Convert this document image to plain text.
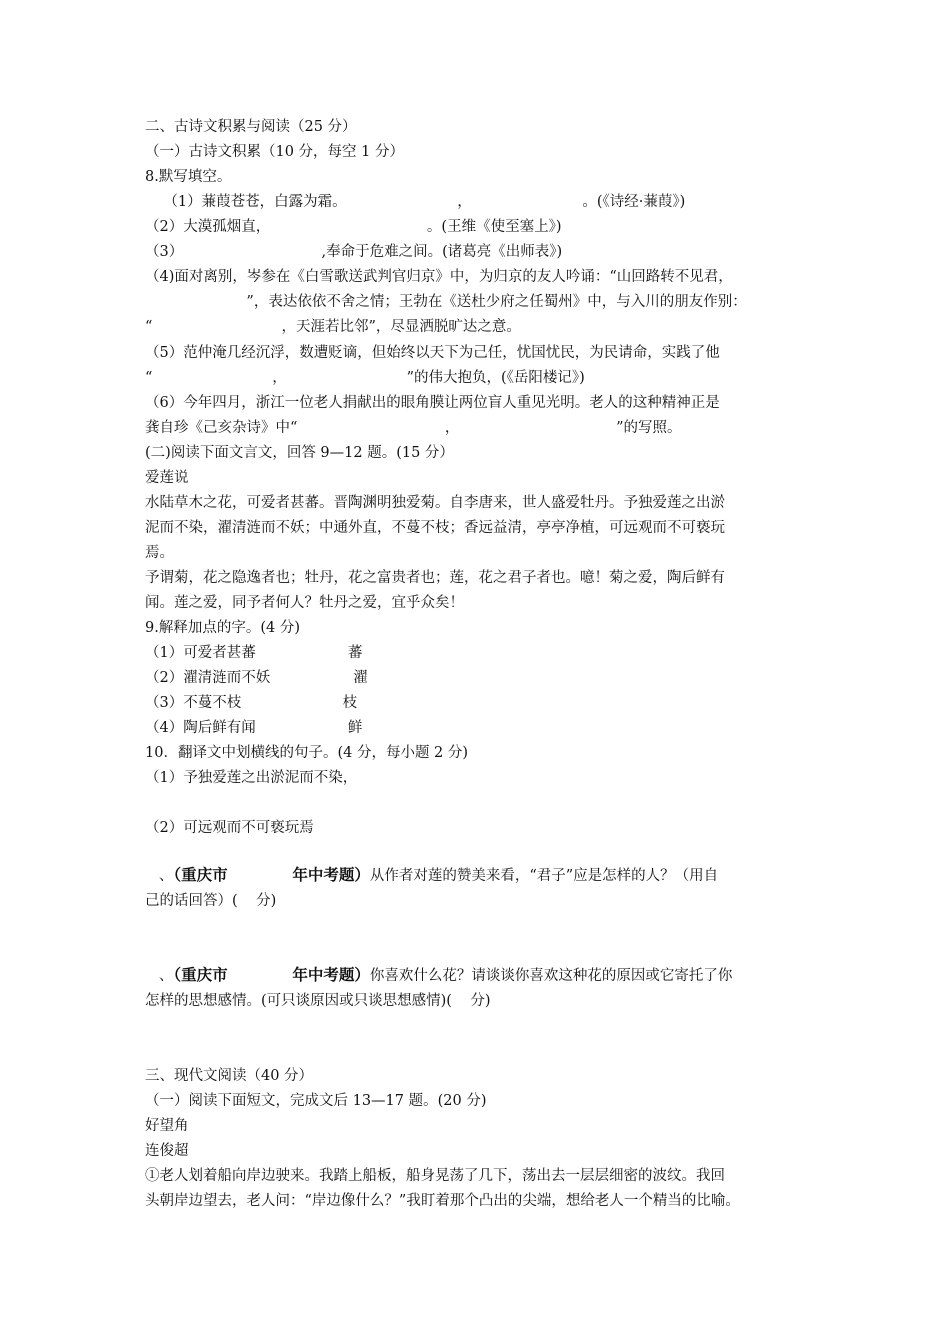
二、古诗文积累与阅读（25 分）
（一）古诗文积累（10 分，每空 1 分）
8.默写填空。
（1）蒹葭苍苍，白露为霜。                        ，                        。(《诗经·蒹葭》)
（2）大漠孤烟直，                                  。(王维《使至塞上》)
（3）                              ,奉命于危难之间。(诸葛亮《出师表》)
（4)面对离别，岑参在《白雪歌送武判官归京》中，为归京的友人吟诵：“山回路转不见君，
”，表达依依不舍之情；王勃在《送杜少府之任蜀州》中，与入川的朋友作别：
“                            ，天涯若比邻”，尽显洒脱旷达之意。
（5）范仲淹几经沉浮，数遭贬谪，但始终以天下为己任，忧国忧民，为民请命，实践了他
“                          ，                          ”的伟大抱负，(《岳阳楼记》)
（6）今年四月，浙江一位老人捐献出的眼角膜让两位盲人重见光明。老人的这种精神正是
龚自珍《己亥杂诗》中“                                ，                                  ”的写照。
(二)阅读下面文言文，回答 9—12 题。(15 分）
爱莲说
水陆草木之花，可爱者甚蕃。晋陶渊明独爱菊。自李唐来，世人盛爱牡丹。予独爱莲之出淤
泥而不染，濯清涟而不妖；中通外直，不蔓不枝；香远益清，亭亭净植，可远观而不可亵玩
焉。
予谓菊，花之隐逸者也；牡丹，花之富贵者也；莲，花之君子者也。噫！菊之爱，陶后鲜有
闻。莲之爱，同予者何人？牡丹之爱，宜乎众矣！
9.解释加点的字。(4 分)
（1）可爱者甚蕃                    蕃
（2）濯清涟而不妖                  濯
（3）不蔓不枝                      枝
（4）陶后鲜有闻                    鲜
10．翻译文中划横线的句子。(4 分，每小题 2 分)
（1）予独爱莲之出淤泥而不染，
（2）可远观而不可亵玩焉
、（重庆市            年中考题）从作者对莲的赞美来看，“君子”应是怎样的人？（用自
己的话回答）(    分)
、（重庆市            年中考题）你喜欢什么花？请谈谈你喜欢这种花的原因或它寄托了你
怎样的思想感情。(可只谈原因或只谈思想感情)(    分)
三、现代文阅读（40 分）
（一）阅读下面短文，完成文后 13—17 题。(20 分)
好望角
连俊超
①老人划着船向岸边驶来。我踏上船板，船身晃荡了几下，荡出去一层层细密的波纹。我回
头朝岸边望去，老人问：“岸边像什么？”我盯着那个凸出的尖端，想给老人一个精当的比喻。
